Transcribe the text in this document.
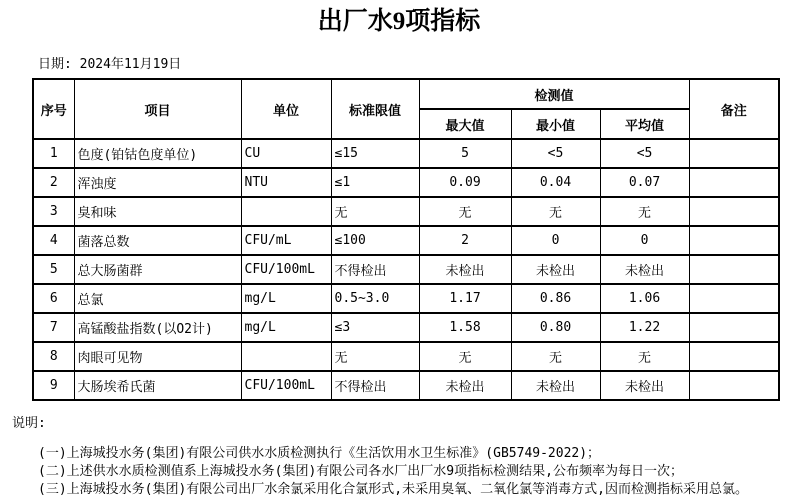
出厂水9项指标
日期: 2024年11月19日
序号	项目	单位	标准限值	检测值			备注
				最大值	最小值	平均值	
1	色度(铂钴色度单位)	CU	≤15	5	<5	<5	
2	浑浊度	NTU	≤1	0.09	0.04	0.07	
3	臭和味		无	无	无	无	
4	菌落总数	CFU/mL	≤100	2	0	0	
5	总大肠菌群	CFU/100mL	不得检出	未检出	未检出	未检出	
6	总氯	mg/L	0.5~3.0	1.17	0.86	1.06	
7	高锰酸盐指数(以O2计)	mg/L	≤3	1.58	0.80	1.22	
8	肉眼可见物		无	无	无	无	
9	大肠埃希氏菌	CFU/100mL	不得检出	未检出	未检出	未检出	
说明:
(一)上海城投水务(集团)有限公司供水水质检测执行《生活饮用水卫生标准》(GB5749-2022)；
(二)上述供水水质检测值系上海城投水务(集团)有限公司各水厂出厂水9项指标检测结果,公布频率为每日一次；
(三)上海城投水务(集团)有限公司出厂水余氯采用化合氯形式,未采用臭氧、二氧化氯等消毒方式,因而检测指标采用总氯。
